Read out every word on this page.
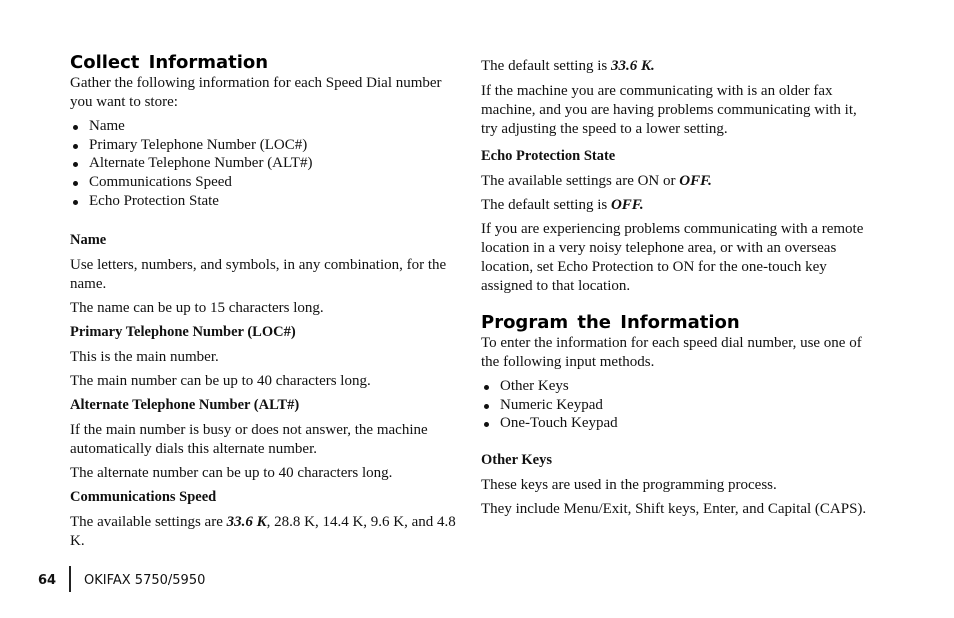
Collect Information

Gather the following information for each Speed Dial number you want to store:

Name
Primary Telephone Number (LOC#)
Alternate Telephone Number (ALT#)
Communications Speed
Echo Protection State

Name

Use letters, numbers, and symbols, in any combination, for the name.

The name can be up to 15 characters long.

Primary Telephone Number (LOC#)

This is the main number.

The main number can be up to 40 characters long.

Alternate Telephone Number (ALT#)

If the main number is busy or does not answer, the machine automatically dials this alternate number.

The alternate number can be up to 40 characters long.

Communications Speed

The available settings are 33.6 K, 28.8 K, 14.4 K, 9.6 K, and 4.8 K.

The default setting is 33.6 K.

If the machine you are communicating with is an older fax machine, and you are having problems communicating with it, try adjusting the speed to a lower setting.

Echo Protection State

The available settings are ON or OFF.

The default setting is OFF.

If you are experiencing problems communicating with a remote location in a very noisy telephone area, or with an overseas location, set Echo Protection to ON for the one-touch key assigned to that location.

Program the Information

To enter the information for each speed dial number, use one of the following input methods.

Other Keys
Numeric Keypad
One-Touch Keypad

Other Keys

These keys are used in the programming process.

They include Menu/Exit, Shift keys, Enter, and Capital (CAPS).

64 OKIFAX 5750/5950
